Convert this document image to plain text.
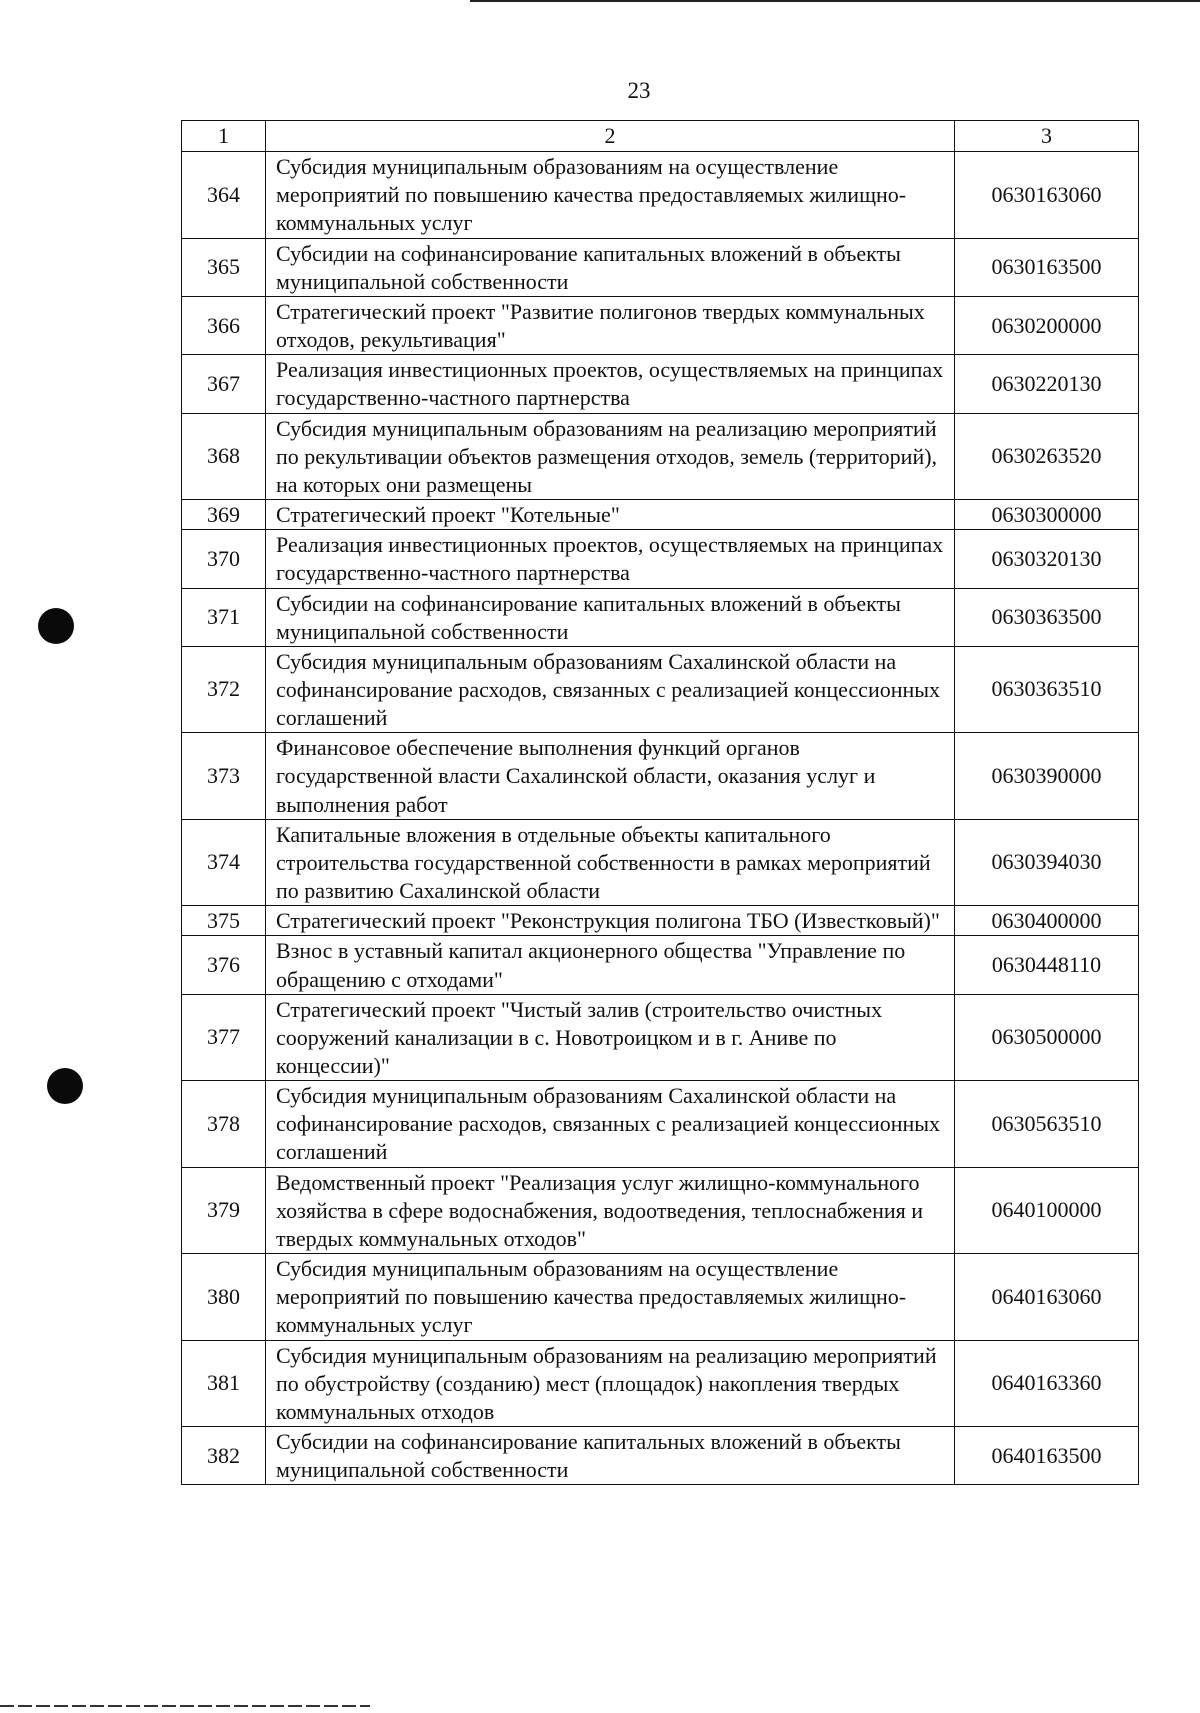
23
1	2	3
364	Субсидия муниципальным образованиям на осуществление мероприятий по повышению качества предоставляемых жилищно-коммунальных услуг	0630163060
365	Субсидии на софинансирование капитальных вложений в объекты муниципальной собственности	0630163500
366	Стратегический проект "Развитие полигонов твердых коммунальных отходов, рекультивация"	0630200000
367	Реализация инвестиционных проектов, осуществляемых на принципах государственно-частного партнерства	0630220130
368	Субсидия муниципальным образованиям на реализацию мероприятий по рекультивации объектов размещения отходов, земель (территорий), на которых они размещены	0630263520
369	Стратегический проект "Котельные"	0630300000
370	Реализация инвестиционных проектов, осуществляемых на принципах государственно-частного партнерства	0630320130
371	Субсидии на софинансирование капитальных вложений в объекты муниципальной собственности	0630363500
372	Субсидия муниципальным образованиям Сахалинской области на софинансирование расходов, связанных с реализацией концессионных соглашений	0630363510
373	Финансовое обеспечение выполнения функций органов государственной власти Сахалинской области, оказания услуг и выполнения работ	0630390000
374	Капитальные вложения в отдельные объекты капитального строительства государственной собственности в рамках мероприятий по развитию Сахалинской области	0630394030
375	Стратегический проект "Реконструкция полигона ТБО (Известковый)"	0630400000
376	Взнос в уставный капитал акционерного общества "Управление по обращению с отходами"	0630448110
377	Стратегический проект "Чистый залив (строительство очистных сооружений канализации в с. Новотроицком и в г. Аниве по концессии)"	0630500000
378	Субсидия муниципальным образованиям Сахалинской области на софинансирование расходов, связанных с реализацией концессионных соглашений	0630563510
379	Ведомственный проект "Реализация услуг жилищно-коммунального хозяйства в сфере водоснабжения, водоотведения, теплоснабжения и твердых коммунальных отходов"	0640100000
380	Субсидия муниципальным образованиям на осуществление мероприятий по повышению качества предоставляемых жилищно-коммунальных услуг	0640163060
381	Субсидия муниципальным образованиям на реализацию мероприятий по обустройству (созданию) мест (площадок) накопления твердых коммунальных отходов	0640163360
382	Субсидии на софинансирование капитальных вложений в объекты муниципальной собственности	0640163500
